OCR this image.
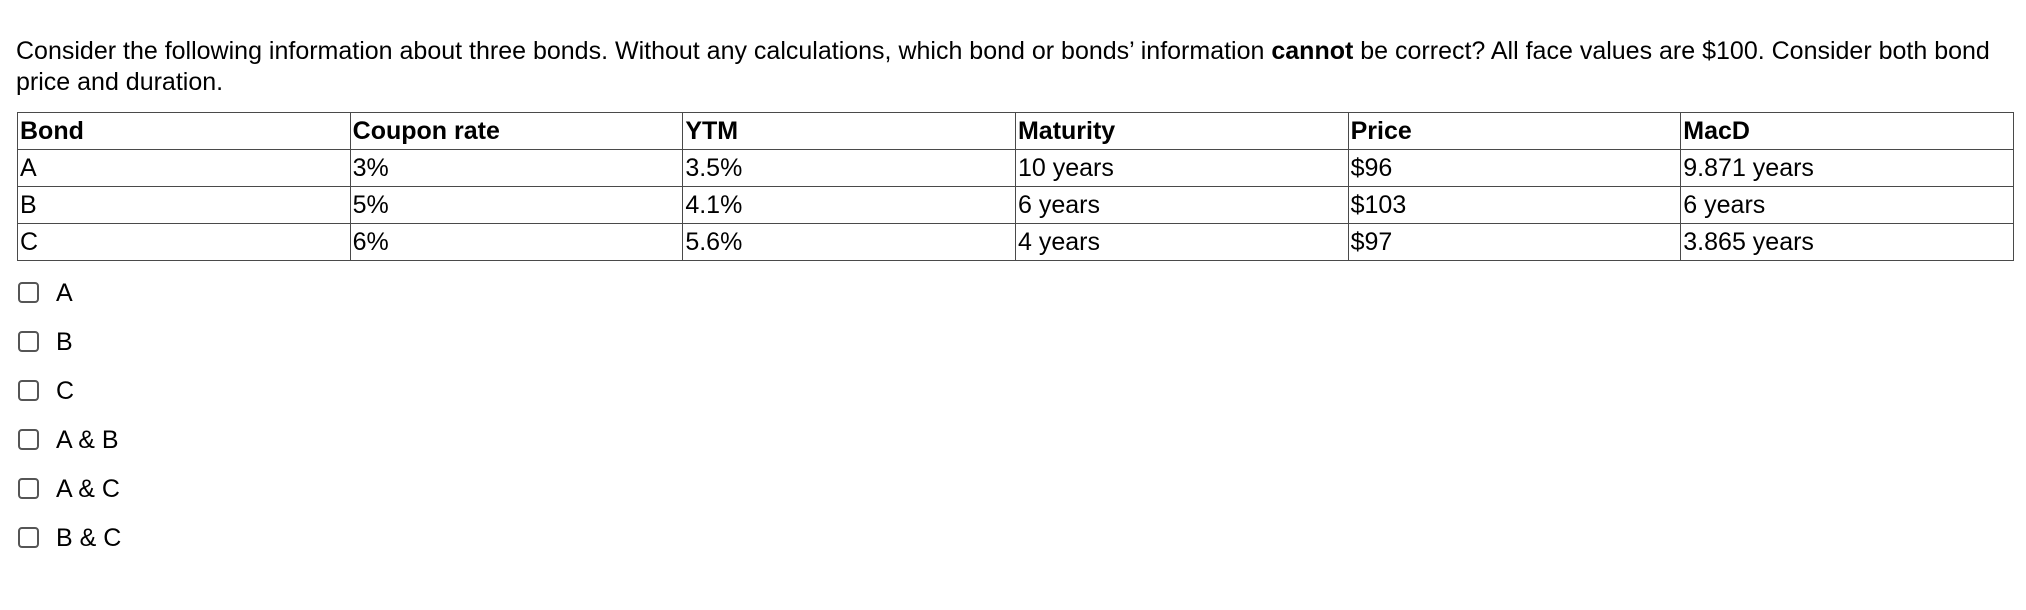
Consider the following information about three bonds. Without any calculations, which bond or bonds’ information cannot be correct? All face values are $100. Consider both bond price and duration.
Bond	Coupon rate	YTM	Maturity	Price	MacD
A	3%	3.5%	10 years	$96	9.871 years
B	5%	4.1%	6 years	$103	6 years
C	6%	5.6%	4 years	$97	3.865 years
A
B
C
A & B
A & C
B & C
